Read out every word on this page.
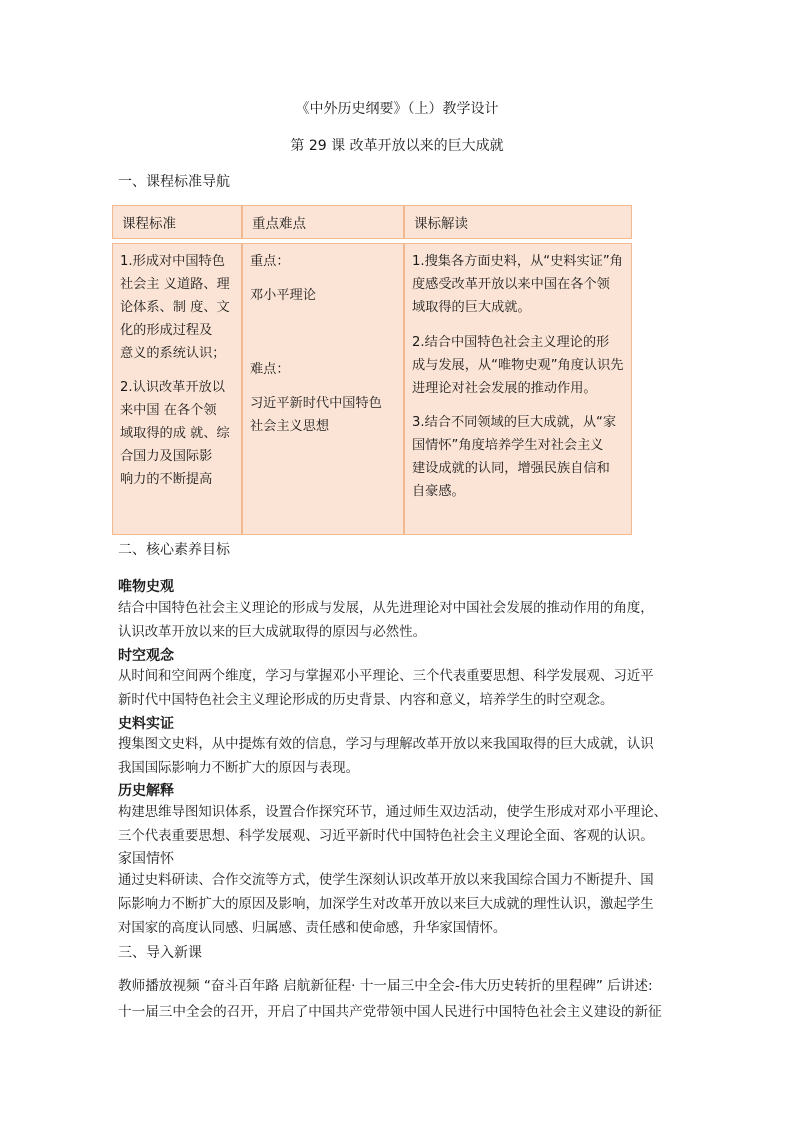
《中外历史纲要》（上）教学设计
第 29 课 改革开放以来的巨大成就
一、课程标准导航
课程标准	重点难点	课标解读

1.形成对中国特色

社会主 义道路、理

论体系、制 度、文

化的形成过程及

意义的系统认识；

2.认识改革开放以

来中国 在各个领

域取得的成 就、综

合国力及国际影

响力的不断提高

重点：
邓小平理论
难点：

习近平新时代中国特色

社会主义思想

1.搜集各方面史料，从“史料实证”角

度感受改革开放以来中国在各个领

域取得的巨大成就。

2.结合中国特色社会主义理论的形

成与发展，从“唯物史观”角度认识先

进理论对社会发展的推动作用。

3.结合不同领域的巨大成就，从“家

国情怀”角度培养学生对社会主义

建设成就的认同，增强民族自信和

自豪感。

二、核心素养目标
唯物史观
结合中国特色社会主义理论的形成与发展，从先进理论对中国社会发展的推动作用的角度，
认识改革开放以来的巨大成就取得的原因与必然性。
时空观念
从时间和空间两个维度，学习与掌握邓小平理论、三个代表重要思想、科学发展观、习近平
新时代中国特色社会主义理论形成的历史背景、内容和意义，培养学生的时空观念。
史料实证
搜集图文史料，从中提炼有效的信息，学习与理解改革开放以来我国取得的巨大成就，认识
我国国际影响力不断扩大的原因与表现。
历史解释
构建思维导图知识体系，设置合作探究环节，通过师生双边活动，使学生形成对邓小平理论、
三个代表重要思想、科学发展观、习近平新时代中国特色社会主义理论全面、客观的认识。
家国情怀
通过史料研读、合作交流等方式，使学生深刻认识改革开放以来我国综合国力不断提升、国
际影响力不断扩大的原因及影响，加深学生对改革开放以来巨大成就的理性认识，激起学生
对国家的高度认同感、归属感、责任感和使命感，升华家国情怀。
三、导入新课
教师播放视频 “奋斗百年路 启航新征程· 十一届三中全会-伟大历史转折的里程碑” 后讲述:
十一届三中全会的召开，开启了中国共产党带领中国人民进行中国特色社会主义建设的新征
